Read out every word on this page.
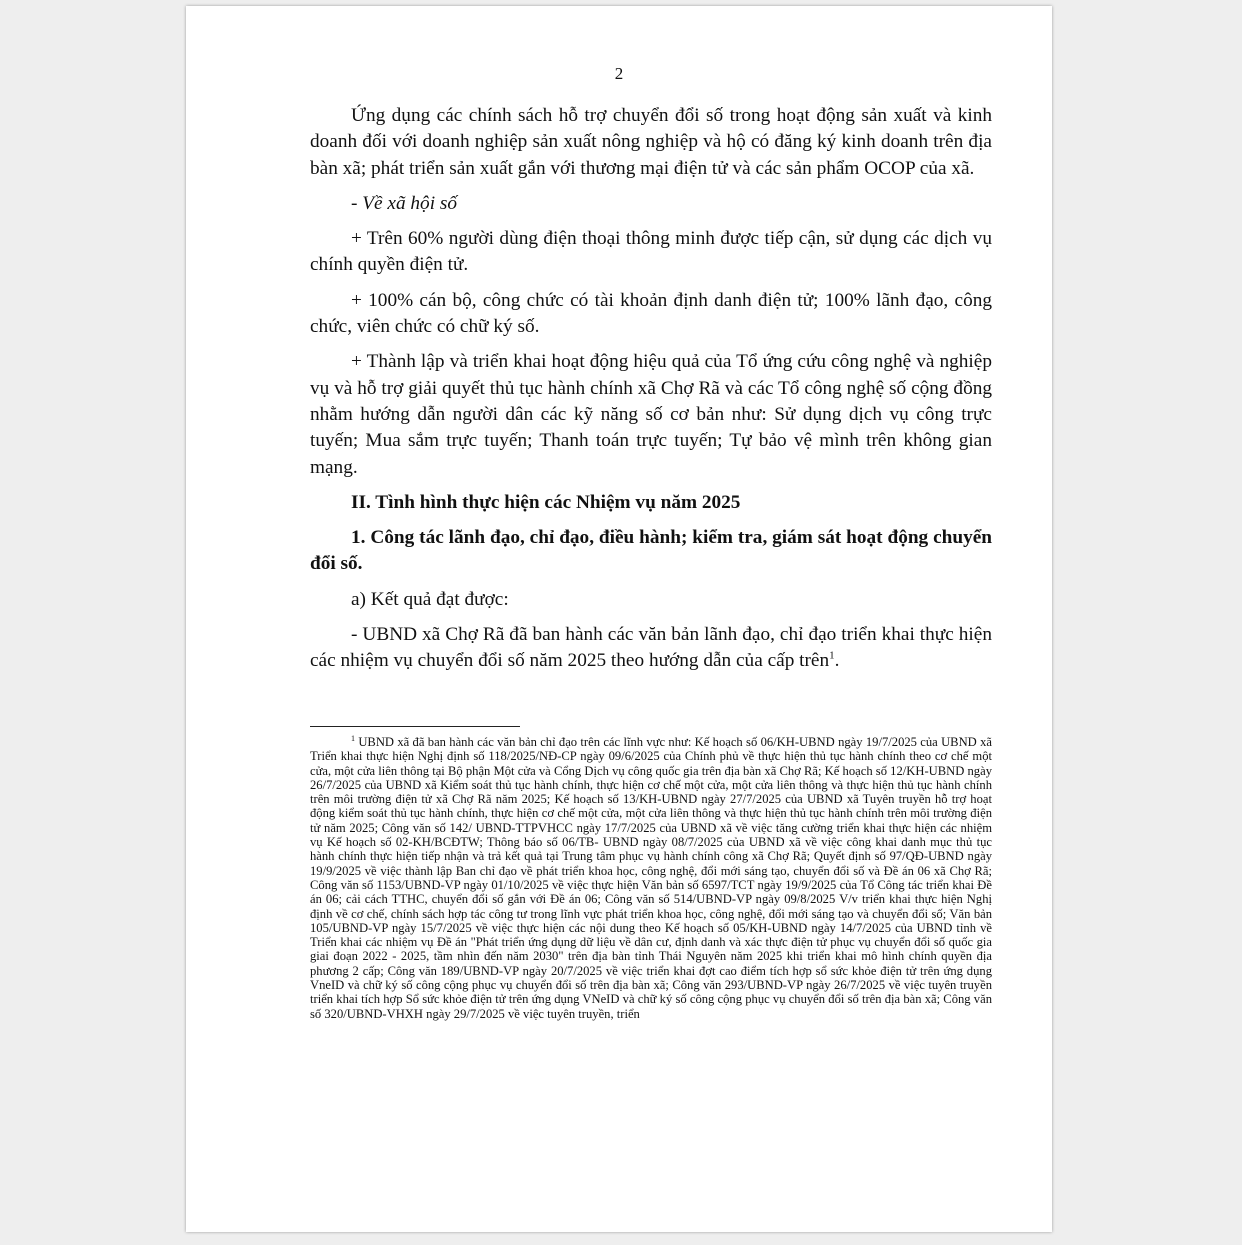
2

Ứng dụng các chính sách hỗ trợ chuyển đổi số trong hoạt động sản xuất và kinh doanh đối với doanh nghiệp sản xuất nông nghiệp và hộ có đăng ký kinh doanh trên địa bàn xã; phát triển sản xuất gắn với thương mại điện tử và các sản phẩm OCOP của xã.

- Về xã hội số

+ Trên 60% người dùng điện thoại thông minh được tiếp cận, sử dụng các dịch vụ chính quyền điện tử.

+ 100% cán bộ, công chức có tài khoản định danh điện tử; 100% lãnh đạo, công chức, viên chức có chữ ký số.

+ Thành lập và triển khai hoạt động hiệu quả của Tổ ứng cứu công nghệ và nghiệp vụ và hỗ trợ giải quyết thủ tục hành chính xã Chợ Rã và các Tổ công nghệ số cộng đồng nhằm hướng dẫn người dân các kỹ năng số cơ bản như: Sử dụng dịch vụ công trực tuyến; Mua sắm trực tuyến; Thanh toán trực tuyến; Tự bảo vệ mình trên không gian mạng.

II. Tình hình thực hiện các Nhiệm vụ năm 2025

1. Công tác lãnh đạo, chỉ đạo, điều hành; kiểm tra, giám sát hoạt động chuyển đổi số.

a) Kết quả đạt được:

- UBND xã Chợ Rã đã ban hành các văn bản lãnh đạo, chỉ đạo triển khai thực hiện các nhiệm vụ chuyển đổi số năm 2025 theo hướng dẫn của cấp trên$^1$.

$^1$ UBND xã đã ban hành các văn bản chỉ đạo trên các lĩnh vực như: Kế hoạch số 06/KH-UBND ngày 19/7/2025 của UBND xã Triển khai thực hiện Nghị định số 118/2025/NĐ-CP ngày 09/6/2025 của Chính phủ về thực hiện thủ tục hành chính theo cơ chế một cửa, một cửa liên thông tại Bộ phận Một cửa và Cổng Dịch vụ công quốc gia trên địa bàn xã Chợ Rã; Kế hoạch số 12/KH-UBND ngày 26/7/2025 của UBND xã Kiểm soát thủ tục hành chính, thực hiện cơ chế một cửa, một cửa liên thông và thực hiện thủ tục hành chính trên môi trường điện tử xã Chợ Rã năm 2025; Kế hoạch số 13/KH-UBND ngày 27/7/2025 của UBND xã Tuyên truyền hỗ trợ hoạt động kiểm soát thủ tục hành chính, thực hiện cơ chế một cửa, một cửa liên thông và thực hiện thủ tục hành chính trên môi trường điện tử năm 2025; Công văn số 142/ UBND-TTPVHCC ngày 17/7/2025 của UBND xã về việc tăng cường triển khai thực hiện các nhiệm vụ Kế hoạch số 02-KH/BCĐTW; Thông báo số 06/TB- UBND ngày 08/7/2025 của UBND xã về việc công khai danh mục thủ tục hành chính thực hiện tiếp nhận và trả kết quả tại Trung tâm phục vụ hành chính công xã Chợ Rã; Quyết định số 97/QĐ-UBND ngày 19/9/2025 về việc thành lập Ban chỉ đạo về phát triển khoa học, công nghệ, đổi mới sáng tạo, chuyển đổi số và Đề án 06 xã Chợ Rã; Công văn số 1153/UBND-VP ngày 01/10/2025 về việc thực hiện Văn bản số 6597/TCT ngày 19/9/2025 của Tổ Công tác triển khai Đề án 06; cải cách TTHC, chuyển đổi số gắn với Đề án 06; Công văn số 514/UBND-VP ngày 09/8/2025 V/v triển khai thực hiện Nghị định về cơ chế, chính sách hợp tác công tư trong lĩnh vực phát triển khoa học, công nghệ, đổi mới sáng tạo và chuyển đổi số; Văn bản 105/UBND-VP ngày 15/7/2025 về việc thực hiện các nội dung theo Kế hoạch số 05/KH-UBND ngày 14/7/2025 của UBND tỉnh về Triển khai các nhiệm vụ Đề án "Phát triển ứng dụng dữ liệu về dân cư, định danh và xác thực điện tử phục vụ chuyển đổi số quốc gia giai đoạn 2022 - 2025, tầm nhìn đến năm 2030" trên địa bàn tỉnh Thái Nguyên năm 2025 khi triển khai mô hình chính quyền địa phương 2 cấp; Công văn 189/UBND-VP ngày 20/7/2025 về việc triển khai đợt cao điểm tích hợp sổ sức khỏe điện tử trên ứng dụng VneID và chữ ký số công cộng phục vụ chuyển đổi số trên địa bàn xã; Công văn 293/UBND-VP ngày 26/7/2025 về việc tuyên truyền triển khai tích hợp Sổ sức khỏe điện tử trên ứng dụng VNeID và chữ ký số công cộng phục vụ chuyển đổi số trên địa bàn xã; Công văn số 320/UBND-VHXH ngày 29/7/2025 về việc tuyên truyền, triển
